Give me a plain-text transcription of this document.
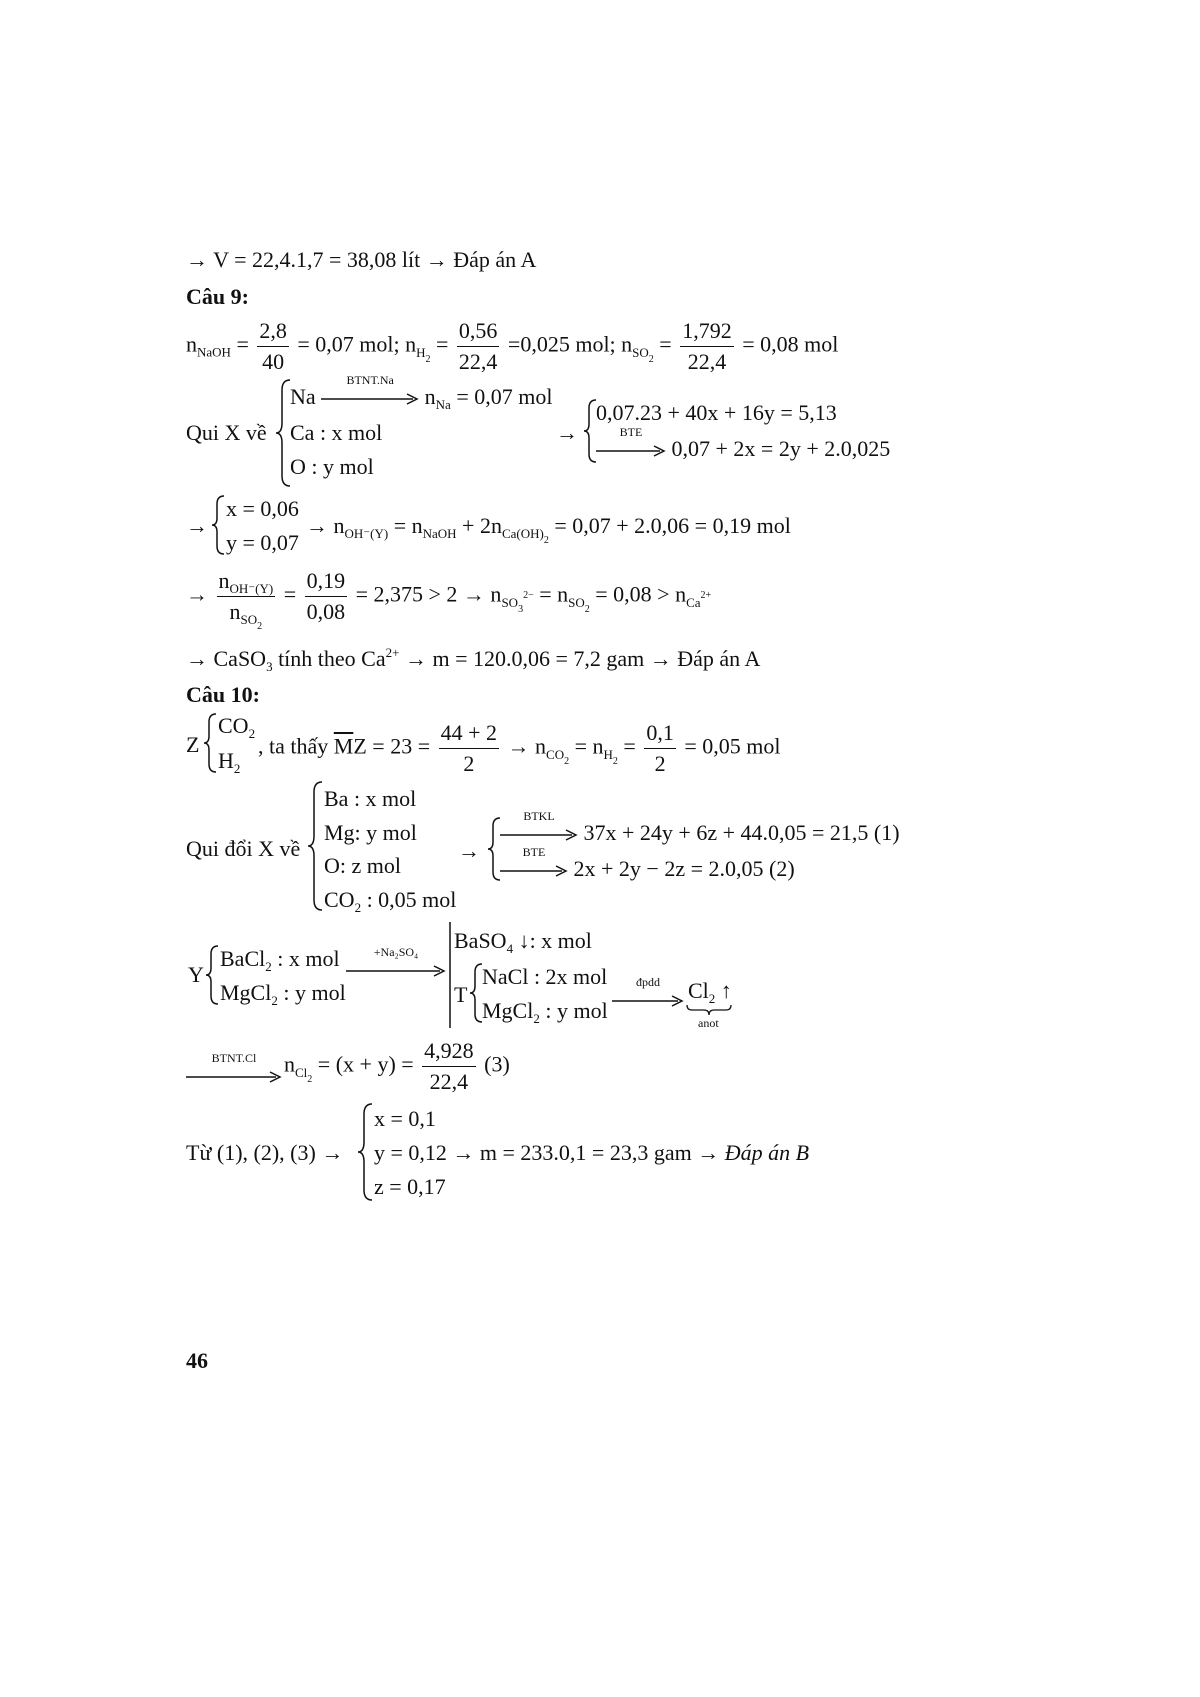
→ V = 22,4.1,7 = 38,08 lít → Đáp án A
Câu 9:
$n_{NaOH} = \frac{2,8}{40} = 0,07$ mol; $n_{H_2} = \frac{0,56}{22,4} =0,025$ mol; $n_{SO_2} = \frac{1,792}{22,4} = 0,08$ mol
Qui X về
Na
BTNT.Na
$n_{Na} = 0,07$ mol
Ca : x mol
O : y mol
→
0,07.23 + 40x + 16y = 5,13
BTE
0,07 + 2x = 2y + 2.0,025
→
x = 0,06
y = 0,07
→ $n_{OH^-(Y)} = n_{NaOH} + 2n_{Ca(OH)_2} = 0,07 + 2.0,06 = 0,19$ mol
→ $\frac{n_{OH^-(Y)}}{n_{SO_2}} = \frac{0,19}{0,08} = 2,375 > 2 \to n_{SO_3^{2-}} = n_{SO_2} = 0,08 > n_{Ca^{2+}}$
→ CaSO$_3$ tính theo $Ca^{2+} \to m = 120.0,06 = 7,2$ gam → Đáp án A
Câu 10:
Z
$CO_2$
$H_2$
, ta thấy $\overline{M}Z = 23 = \frac{44 + 2}{2} \to n_{CO_2} = n_{H_2} = \frac{0,1}{2} = 0,05$ mol
Qui đổi X về
Ba : x mol
Mg: y mol
O: z mol
$CO_2$ : 0,05 mol
→
BTKL
37x + 24y + 6z + 44.0,05 = 21,5 (1)
BTE
2x + 2y − 2z = 2.0,05 (2)
Y
BaCl$_2$ : x mol
MgCl$_2$ : y mol
+Na₂SO₄	BaSO$_4$ ↓: x mol
T
NaCl : 2x mol
MgCl$_2$ : y mol
đpdd	$Cl_2$ ↑
anot
BTNT.Cl	$n_{Cl_2} = (x + y) = \frac{4,928}{22,4} (3)$
Từ (1), (2), (3) →
x = 0,1
y = 0,12 → m = 233.0,1 = 23,3 gam → Đáp án B
z = 0,17
46
